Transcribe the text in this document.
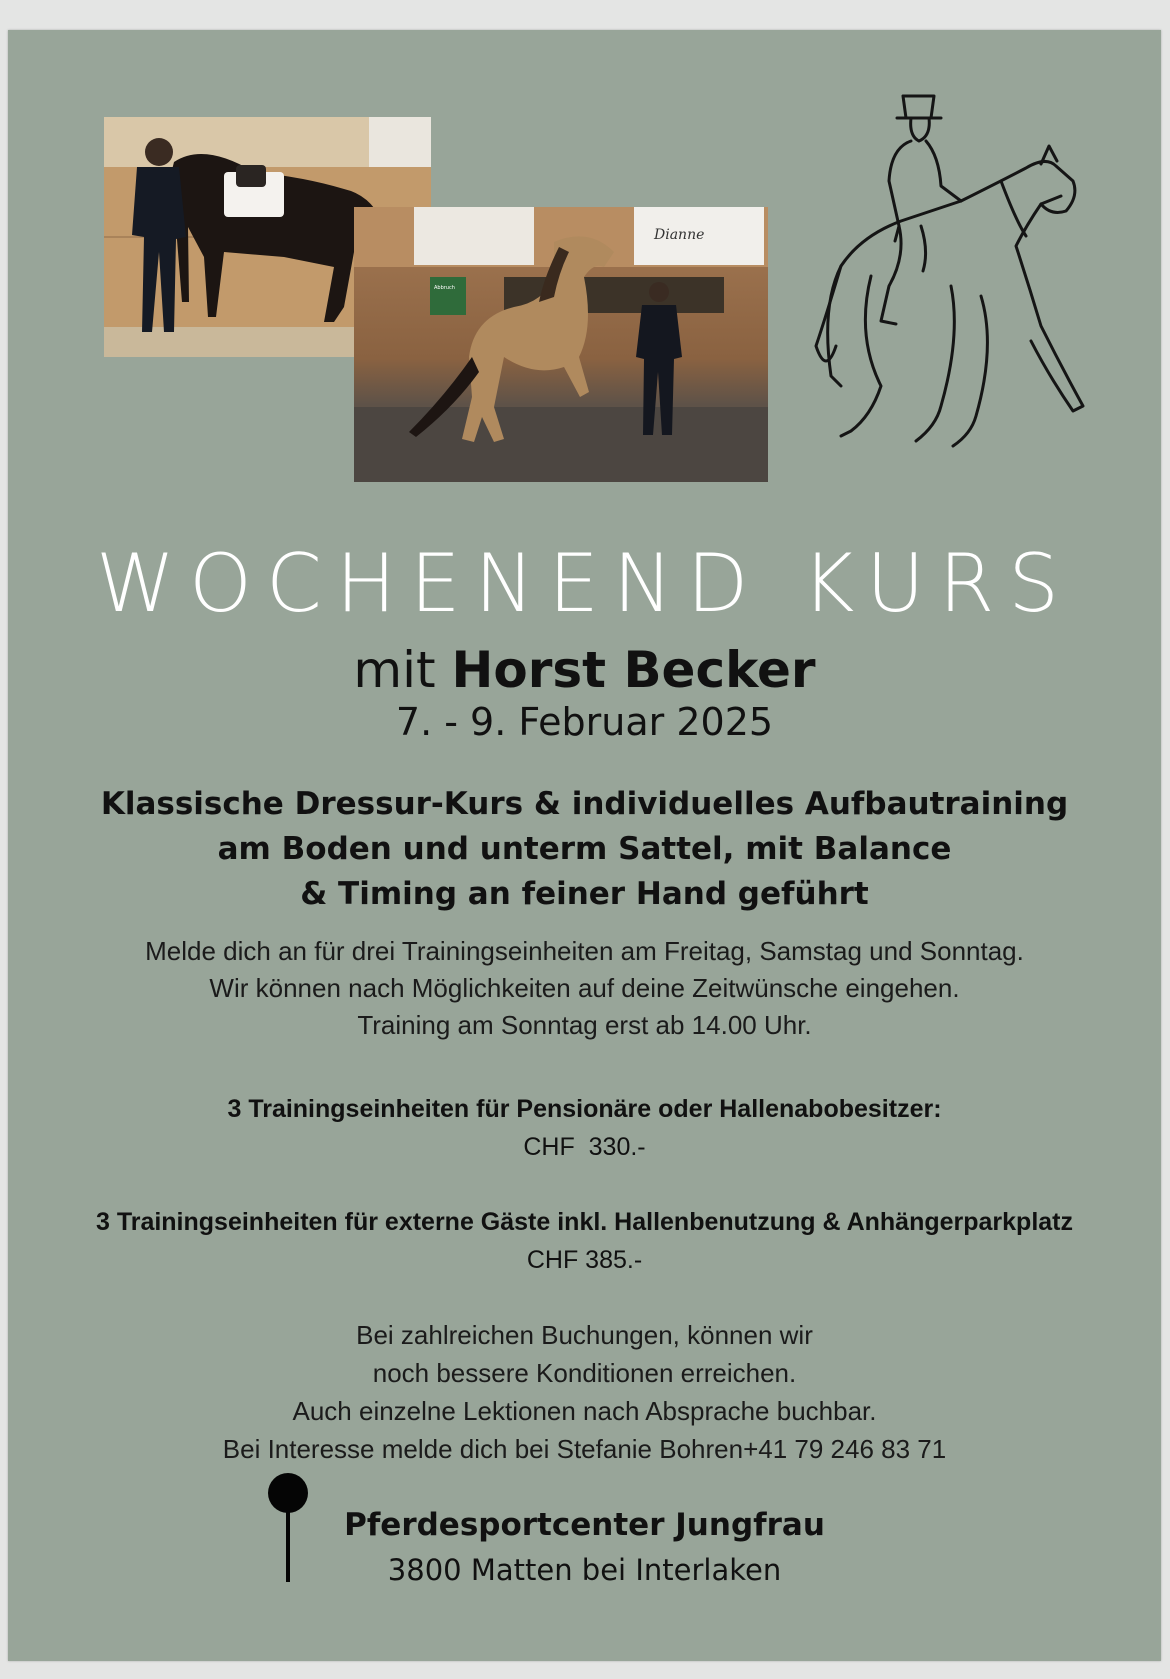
Dianne
Abbruch
WOCHENEND KURS
mit Horst Becker
7. - 9. Februar 2025
Klassische Dressur-Kurs & individuelles Aufbautraining
am Boden und unterm Sattel, mit Balance
& Timing an feiner Hand geführt
Melde dich an für drei Trainingseinheiten am Freitag, Samstag und Sonntag.
Wir können nach Möglichkeiten auf deine Zeitwünsche eingehen.
Training am Sonntag erst ab 14.00 Uhr.
3 Trainingseinheiten für Pensionäre oder Hallenabobesitzer:
CHF  330.-
3 Trainingseinheiten für externe Gäste inkl. Hallenbenutzung & Anhängerparkplatz
CHF 385.-
Bei zahlreichen Buchungen, können wir
noch bessere Konditionen erreichen.
Auch einzelne Lektionen nach Absprache buchbar.
Bei Interesse melde dich bei Stefanie Bohren+41 79 246 83 71
Pferdesportcenter Jungfrau
3800 Matten bei Interlaken
